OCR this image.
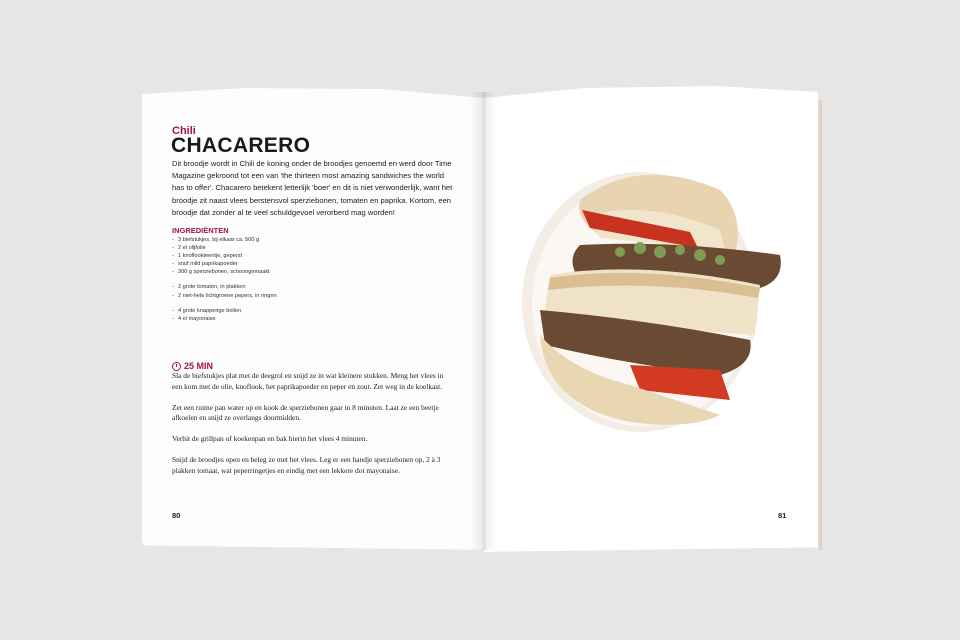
Chili
CHACARERO
Dit broodje wordt in Chili de koning onder de broodjes genoemd en werd door Time Magazine gekroond tot een van 'the thirteen most amazing sandwiches the world has to offer'. Chacarero betekent letterlijk 'boer' en dit is niet verwonderlijk, want het broodje zit naast vlees berstensvol sperziebonen, tomaten en paprika. Kortom, een broodje dat zonder al te veel schuldgevoel verorberd mag worden!
INGREDIËNTEN
- 3 biefstukjes, bij elkaar ca. 500 g
- 2 el olijfolie
- 1 knoflookteentje, geperst
- snuf mild paprikapoeder
- 300 g sperziebonen, schoongemaakt
- 2 grote tomaten, in plakken
- 2 niet-hete lichtgroene pepers, in ringen
- 4 grote knapperige bollen
- 4 el mayonaise
25 MIN

Sla de biefstukjes plat met de deegrol en snijd ze in wat kleinere stukken. Meng het vlees in een kom met de olie, knoflook, het paprikapoeder en peper en zout. Zet weg in de koelkast.

Zet een ruime pan water op en kook de sperziebonen gaar in 8 minuten. Laat ze een beetje afkoelen en snijd ze overlangs doormidden.

Verhit de grillpan of koekenpan en bak hierin het vlees 4 minuten.

Snijd de broodjes open en beleg ze met het vlees. Leg er een handje sperziebonen op, 2 à 3 plakken tomaat, wat peperringetjes en eindig met een lekkere dot mayonaise.

80	81
